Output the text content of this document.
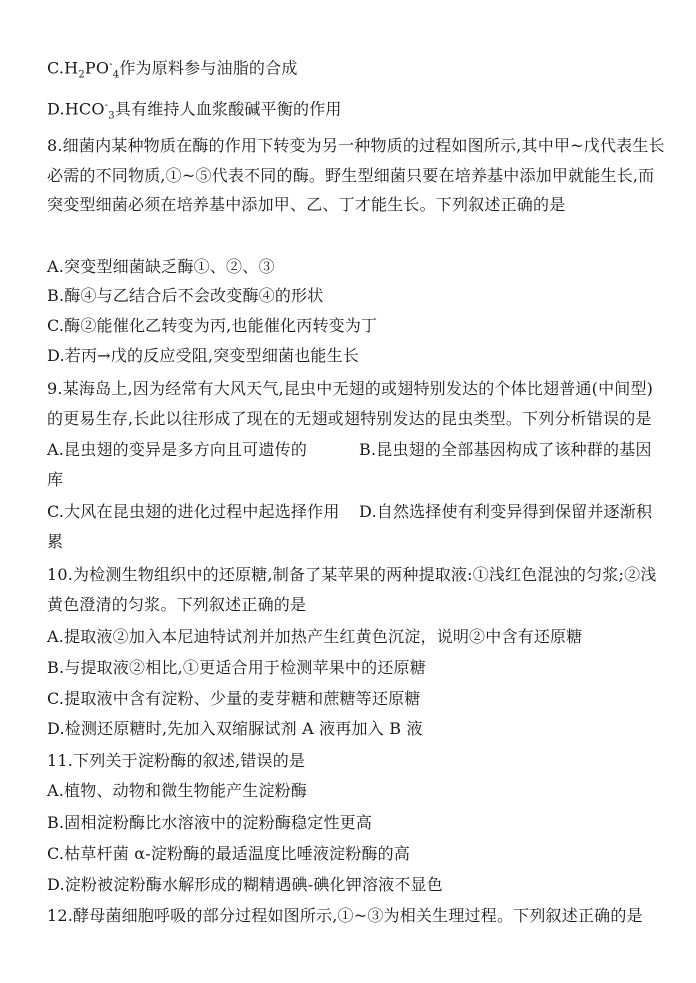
$C.H_2PO^-_4$作为原料参与油脂的合成
$D.HCO^-_3$具有维持人血浆酸碱平衡的作用
8.细菌内某种物质在酶的作用下转变为另一种物质的过程如图所示,其中甲~戊代表生长
必需的不同物质,①~⑤代表不同的酶。野生型细菌只要在培养基中添加甲就能生长,而
突变型细菌必须在培养基中添加甲、乙、丁才能生长。下列叙述正确的是
A.突变型细菌缺乏酶①、②、③
B.酶④与乙结合后不会改变酶④的形状
C.酶②能催化乙转变为丙,也能催化丙转变为丁
D.若丙→戊的反应受阻,突变型细菌也能生长
9.某海岛上,因为经常有大风天气,昆虫中无翅的或翅特别发达的个体比翅普通(中间型)
的更易生存,长此以往形成了现在的无翅或翅特别发达的昆虫类型。下列分析错误的是
A.昆虫翅的变异是多方向且可遗传的	B.昆虫翅的全部基因构成了该种群的基因
库
C.大风在昆虫翅的进化过程中起选择作用 D.自然选择使有利变异得到保留并逐渐积
累
10.为检测生物组织中的还原糖,制备了某苹果的两种提取液:①浅红色混浊的匀浆;②浅
黄色澄清的匀浆。下列叙述正确的是
A.提取液②加入本尼迪特试剂并加热产生红黄色沉淀，说明②中含有还原糖
B.与提取液②相比,①更适合用于检测苹果中的还原糖
C.提取液中含有淀粉、少量的麦芽糖和蔗糖等还原糖
D.检测还原糖时,先加入双缩脲试剂 A 液再加入 B 液
11.下列关于淀粉酶的叙述,错误的是
A.植物、动物和微生物能产生淀粉酶
B.固相淀粉酶比水溶液中的淀粉酶稳定性更高
C.枯草杆菌 α-淀粉酶的最适温度比唾液淀粉酶的高
D.淀粉被淀粉酶水解形成的糊精遇碘-碘化钾溶液不显色
12.酵母菌细胞呼吸的部分过程如图所示,①~③为相关生理过程。下列叙述正确的是
